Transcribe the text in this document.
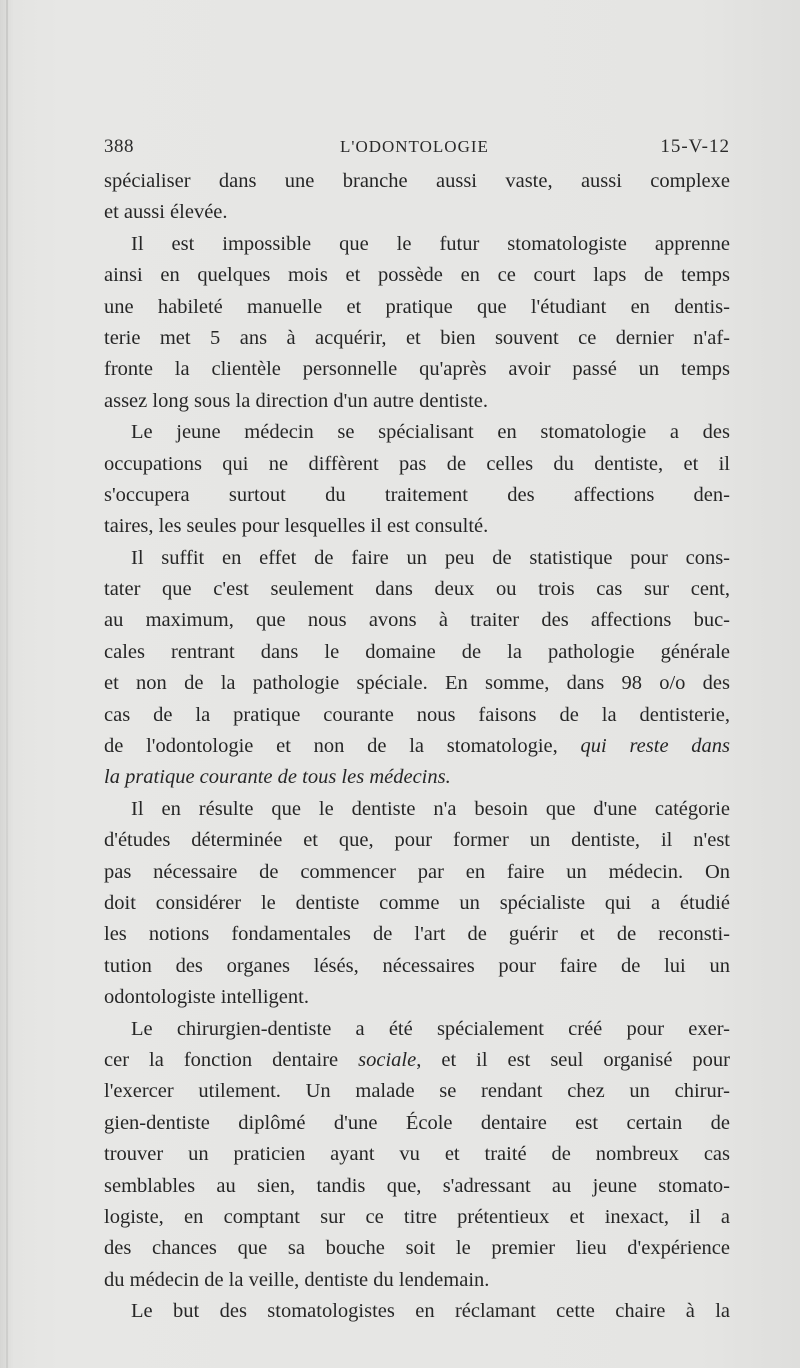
388	L'ODONTOLOGIE	15-V-12
spécialiser dans une branche aussi vaste, aussi complexe
et aussi élevée.
Il est impossible que le futur stomatologiste apprenne
ainsi en quelques mois et possède en ce court laps de temps
une habileté manuelle et pratique que l'étudiant en dentis-
terie met 5 ans à acquérir, et bien souvent ce dernier n'af-
fronte la clientèle personnelle qu'après avoir passé un temps
assez long sous la direction d'un autre dentiste.
Le jeune médecin se spécialisant en stomatologie a des
occupations qui ne diffèrent pas de celles du dentiste, et il
s'occupera surtout du traitement des affections den-
taires, les seules pour lesquelles il est consulté.
Il suffit en effet de faire un peu de statistique pour cons-
tater que c'est seulement dans deux ou trois cas sur cent,
au maximum, que nous avons à traiter des affections buc-
cales rentrant dans le domaine de la pathologie générale
et non de la pathologie spéciale. En somme, dans 98 o/o des
cas de la pratique courante nous faisons de la dentisterie,
de l'odontologie et non de la stomatologie, qui reste dans
la pratique courante de tous les médecins.
Il en résulte que le dentiste n'a besoin que d'une catégorie
d'études déterminée et que, pour former un dentiste, il n'est
pas nécessaire de commencer par en faire un médecin. On
doit considérer le dentiste comme un spécialiste qui a étudié
les notions fondamentales de l'art de guérir et de reconsti-
tution des organes lésés, nécessaires pour faire de lui un
odontologiste intelligent.
Le chirurgien-dentiste a été spécialement créé pour exer-
cer la fonction dentaire sociale, et il est seul organisé pour
l'exercer utilement. Un malade se rendant chez un chirur-
gien-dentiste diplômé d'une École dentaire est certain de
trouver un praticien ayant vu et traité de nombreux cas
semblables au sien, tandis que, s'adressant au jeune stomato-
logiste, en comptant sur ce titre prétentieux et inexact, il a
des chances que sa bouche soit le premier lieu d'expérience
du médecin de la veille, dentiste du lendemain.
Le but des stomatologistes en réclamant cette chaire à la
